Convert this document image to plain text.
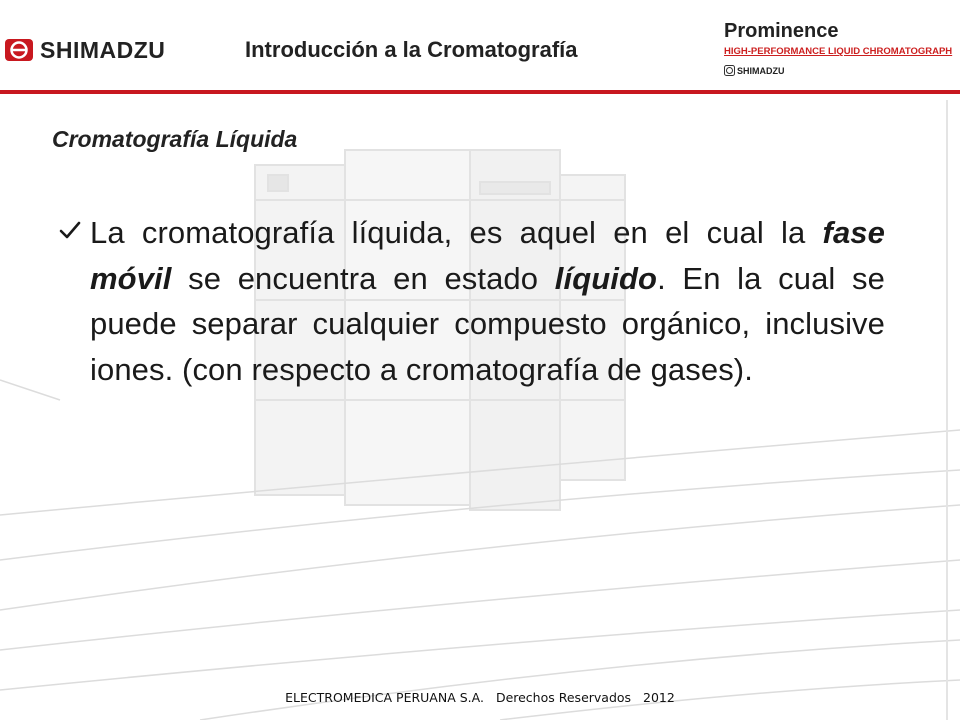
SHIMADZU	Introducción a la Cromatografía
Prominence
HIGH-PERFORMANCE LIQUID CHROMATOGRAPH
SHIMADZU
Cromatografía Líquida
La cromatografía líquida, es aquel en el cual la fase móvil se encuentra en estado líquido. En la cual se puede separar cualquier compuesto orgánico, inclusive iones. (con respecto a cromatografía de gases).
ELECTROMEDICA PERUANA S.A. Derechos Reservados 2012
